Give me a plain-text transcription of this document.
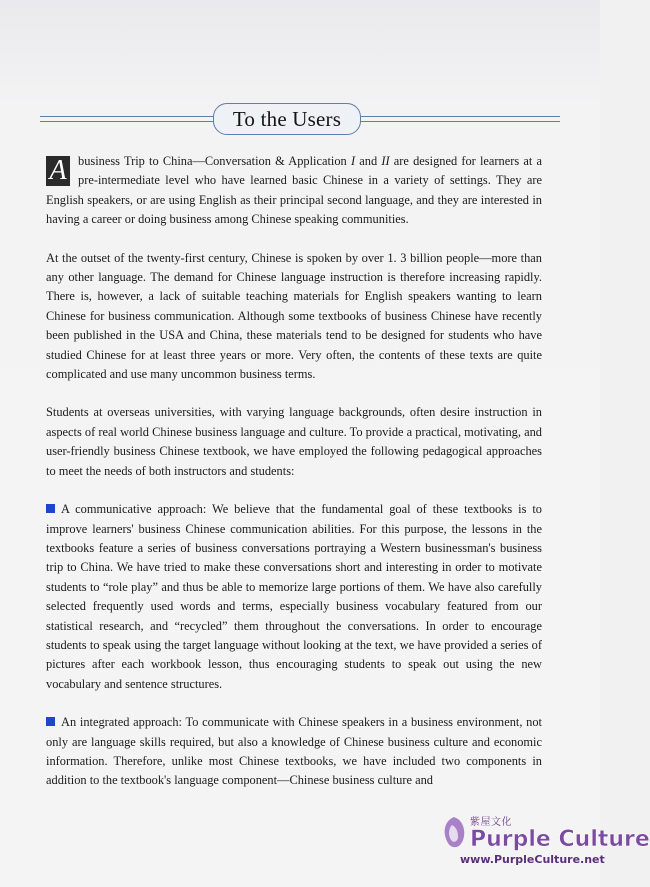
To the Users

A business Trip to China—Conversation & Application I and II are designed for learners at a pre-intermediate level who have learned basic Chinese in a variety of settings. They are English speakers, or are using English as their principal second language, and they are interested in having a career or doing business among Chinese speaking communities.

At the outset of the twenty-first century, Chinese is spoken by over 1. 3 billion people—more than any other language. The demand for Chinese language instruction is therefore increasing rapidly. There is, however, a lack of suitable teaching materials for English speakers wanting to learn Chinese for business communication. Although some textbooks of business Chinese have recently been published in the USA and China, these materials tend to be designed for students who have studied Chinese for at least three years or more. Very often, the contents of these texts are quite complicated and use many uncommon business terms.

Students at overseas universities, with varying language backgrounds, often desire instruction in aspects of real world Chinese business language and culture. To provide a practical, motivating, and user-friendly business Chinese textbook, we have employed the following pedagogical approaches to meet the needs of both instructors and students:

A communicative approach: We believe that the fundamental goal of these textbooks is to improve learners' business Chinese communication abilities. For this purpose, the lessons in the textbooks feature a series of business conversations portraying a Western businessman's business trip to China. We have tried to make these conversations short and interesting in order to motivate students to “role play” and thus be able to memorize large portions of them. We have also carefully selected frequently used words and terms, especially business vocabulary featured from our statistical research, and “recycled” them throughout the conversations. In order to encourage students to speak using the target language without looking at the text, we have provided a series of pictures after each workbook lesson, thus encouraging students to speak out using the new vocabulary and sentence structures.

An integrated approach: To communicate with Chinese speakers in a business environment, not only are language skills required, but also a knowledge of Chinese business culture and economic information. Therefore, unlike most Chinese textbooks, we have included two components in addition to the textbook's language component—Chinese business culture and

紫屋文化
Purple Culture
www.PurpleCulture.net
